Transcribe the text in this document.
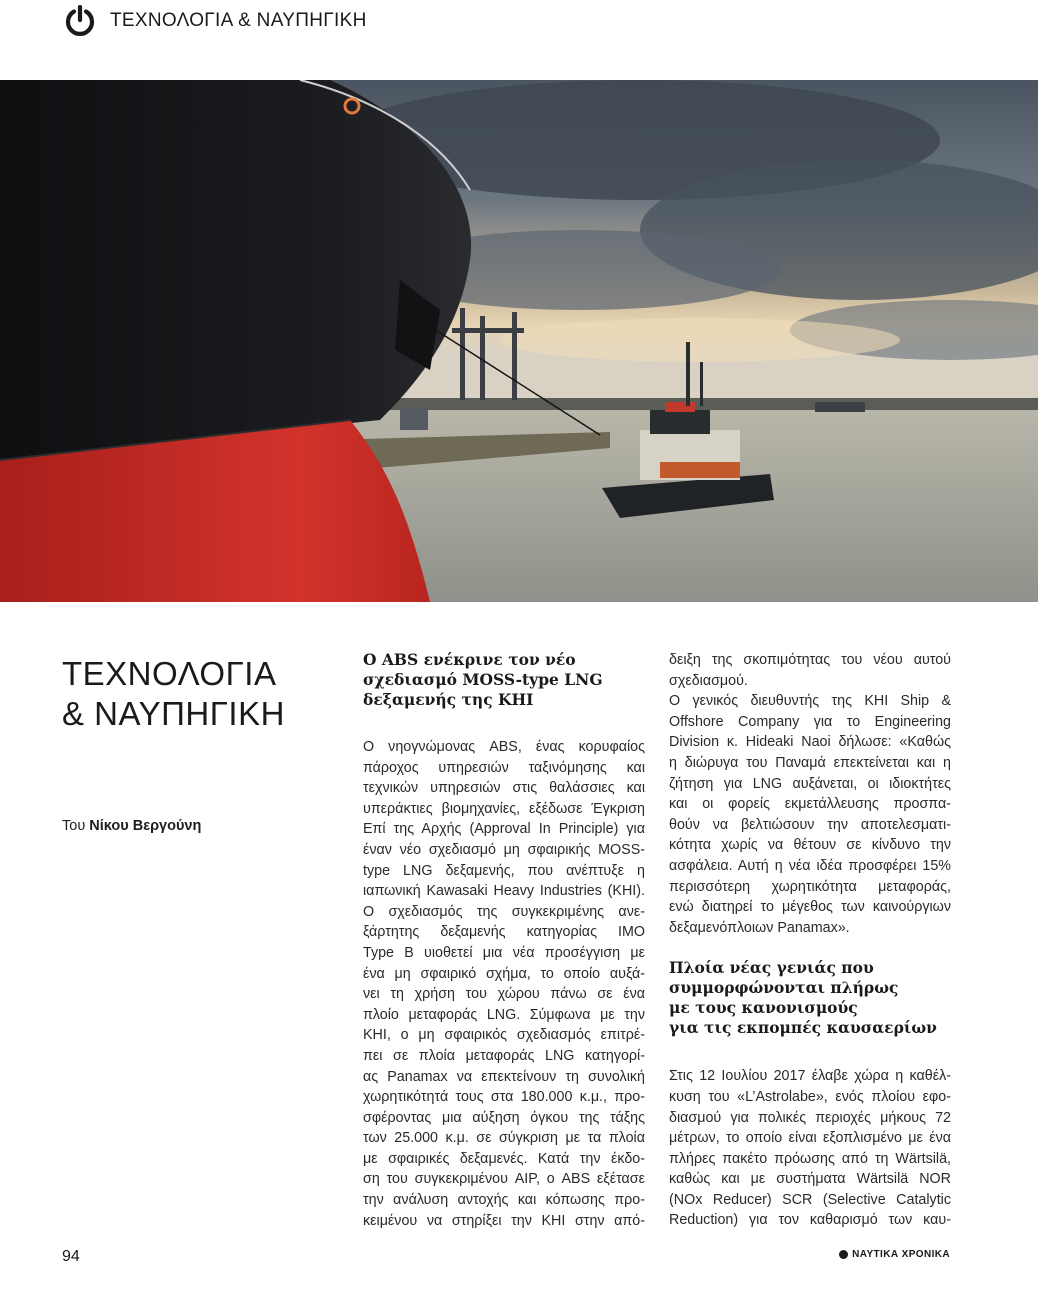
ΤΕΧΝΟΛΟΓΙΑ & ΝΑΥΠΗΓΙΚΗ
ΤΕΧΝΟΛΟΓΙΑ
& ΝΑΥΠΗΓΙΚΗ
Του Νίκου Βεργούνη
Ο ABS ενέκρινε τον νέο
σχεδιασμό MOSS-type LNG
δεξαμενής της KHI

Ο νηογνώμονας ABS, ένας κορυφαίος
πάροχος υπηρεσιών ταξινόμησης και
τεχνικών υπηρεσιών στις θαλάσσιες και
υπεράκτιες βιομηχανίες, εξέδωσε Έγκριση
Επί της Αρχής (Approval In Principle) για
έναν νέο σχεδιασμό μη σφαιρικής MOSS-
type LNG δεξαμενής, που ανέπτυξε η
ιαπωνική Kawasaki Heavy Industries (KHI).
Ο σχεδιασμός της συγκεκριμένης ανε-
ξάρτητης δεξαμενής κατηγορίας IMO
Type B υιοθετεί μια νέα προσέγγιση με
ένα μη σφαιρικό σχήμα, το οποίο αυξά-
νει τη χρήση του χώρου πάνω σε ένα
πλοίο μεταφοράς LNG. Σύμφωνα με την
KHI, ο μη σφαιρικός σχεδιασμός επιτρέ-
πει σε πλοία μεταφοράς LNG κατηγορί-
ας Panamax να επεκτείνουν τη συνολική
χωρητικότητά τους στα 180.000 κ.μ., προ-
σφέροντας μια αύξηση όγκου της τάξης
των 25.000 κ.μ. σε σύγκριση με τα πλοία
με σφαιρικές δεξαμενές. Κατά την έκδο-
ση του συγκεκριμένου AIP, ο ABS εξέτασε
την ανάλυση αντοχής και κόπωσης προ-
κειμένου να στηρίξει την KHI στην από-

δειξη της σκοπιμότητας του νέου αυτού
σχεδιασμού.
Ο γενικός διευθυντής της KHI Ship &
Offshore Company για το Engineering
Division κ. Hideaki Naoi δήλωσε: «Καθώς
η διώρυγα του Παναμά επεκτείνεται και η
ζήτηση για LNG αυξάνεται, οι ιδιοκτήτες
και οι φορείς εκμετάλλευσης προσπα-
θούν να βελτιώσουν την αποτελεσματι-
κότητα χωρίς να θέτουν σε κίνδυνο την
ασφάλεια. Αυτή η νέα ιδέα προσφέρει 15%
περισσότερη χωρητικότητα μεταφοράς,
ενώ διατηρεί το μέγεθος των καινούργιων
δεξαμενόπλοιων Panamax».

Πλοία νέας γενιάς που
συμμορφώνονται πλήρως
με τους κανονισμούς
για τις εκπομπές καυσαερίων

Στις 12 Ιουλίου 2017 έλαβε χώρα η καθέλ-
κυση του «L’Astrolabe», ενός πλοίου εφο-
διασμού για πολικές περιοχές μήκους 72
μέτρων, το οποίο είναι εξοπλισμένο με ένα
πλήρες πακέτο πρόωσης από τη Wärtsilä,
καθώς και με συστήματα Wärtsilä NOR
(NOx Reducer) SCR (Selective Catalytic
Reduction) για τον καθαρισμό των καυ-

94	ΝΑΥΤΙΚΑ ΧΡΟΝΙΚΑ
